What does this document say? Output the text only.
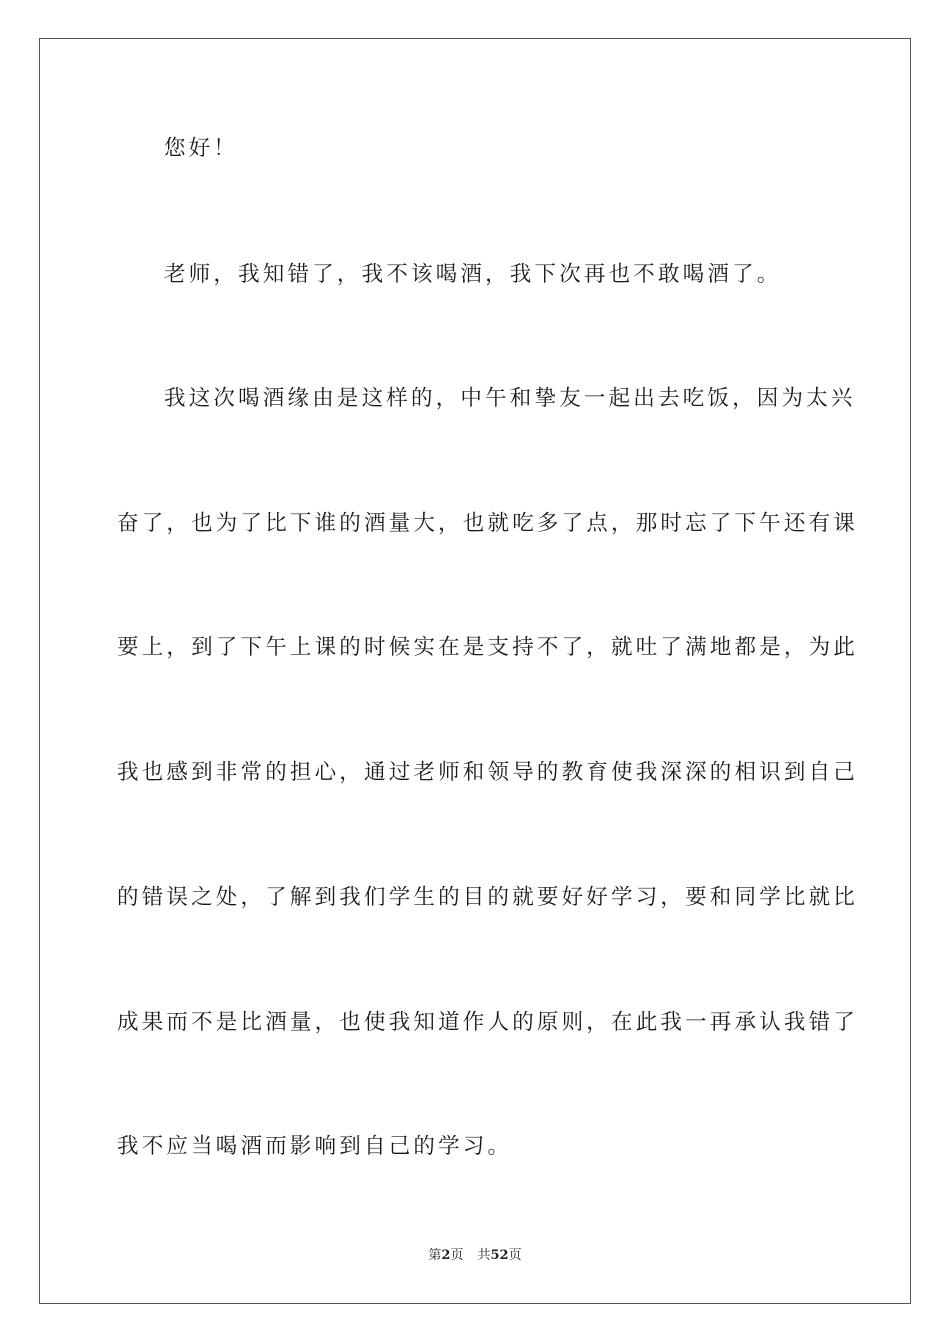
您好！
老师，我知错了，我不该喝酒，我下次再也不敢喝酒了。
我这次喝酒缘由是这样的，中午和挚友一起出去吃饭，因为太兴
奋了，也为了比下谁的酒量大，也就吃多了点，那时忘了下午还有课
要上，到了下午上课的时候实在是支持不了，就吐了满地都是，为此
我也感到非常的担心，通过老师和领导的教育使我深深的相识到自己
的错误之处，了解到我们学生的目的就要好好学习，要和同学比就比
成果而不是比酒量，也使我知道作人的原则，在此我一再承认我错了
我不应当喝酒而影响到自己的学习。
第2页 共52页
